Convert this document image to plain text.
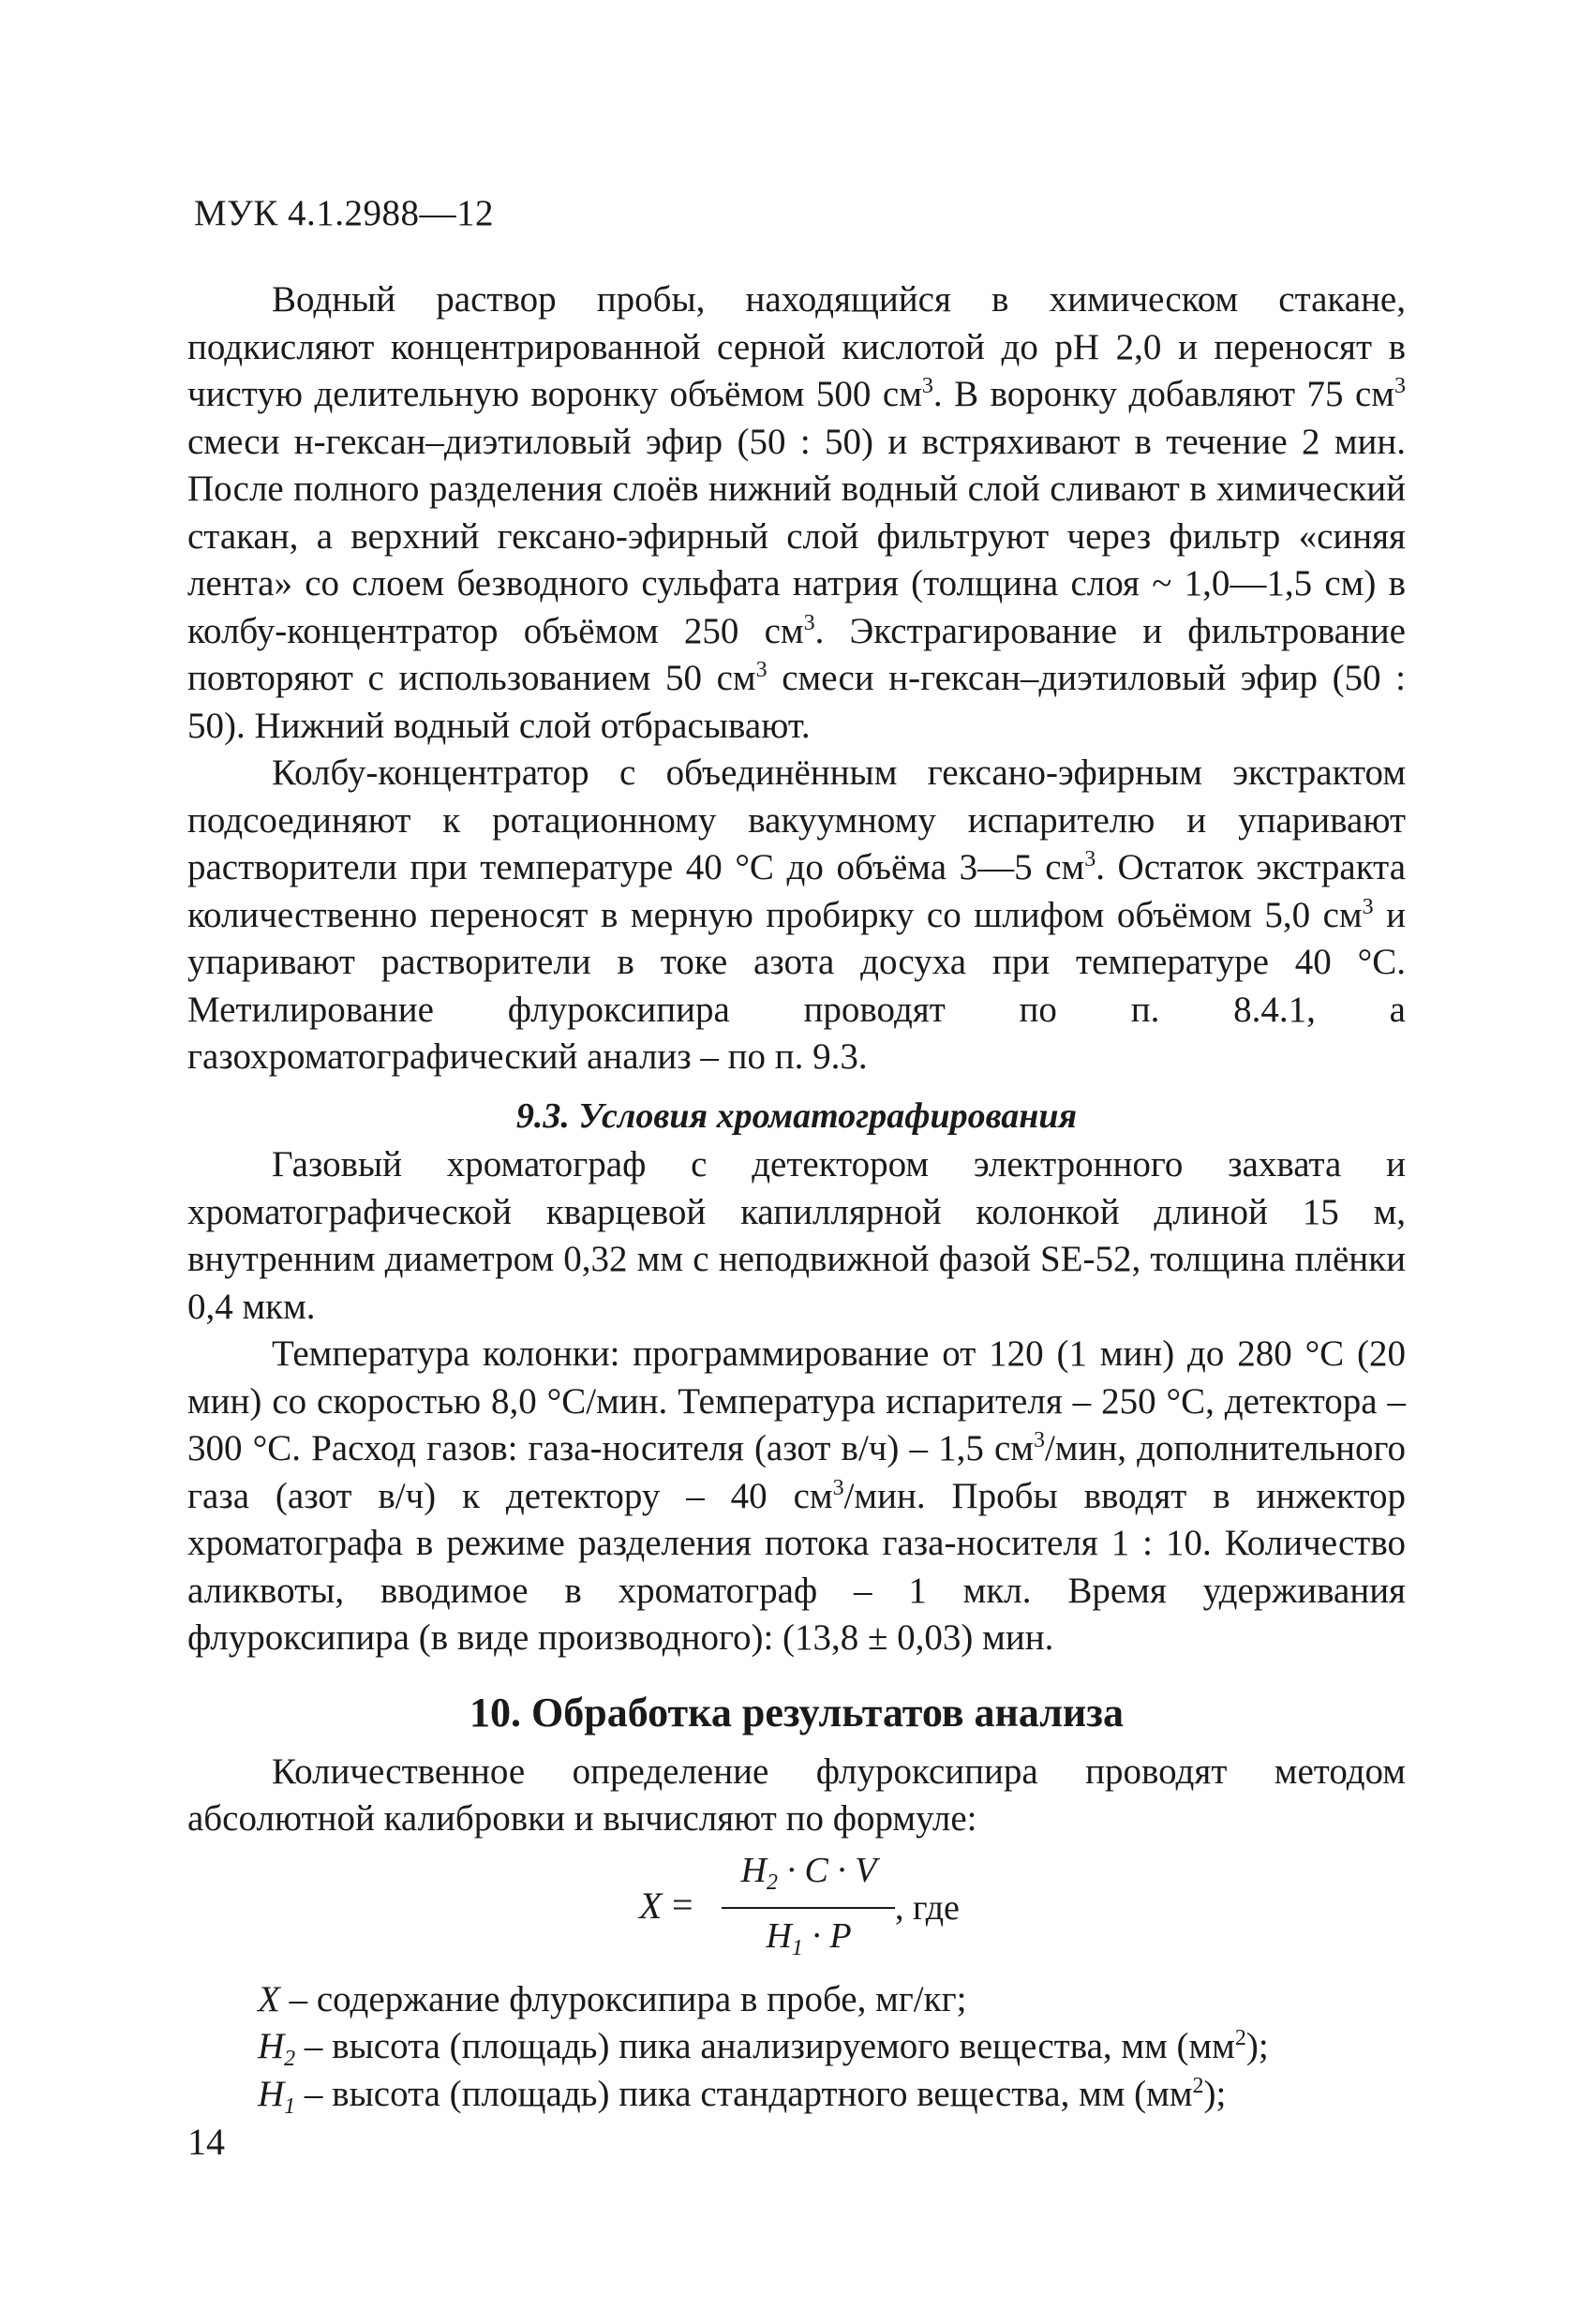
МУК 4.1.2988—12

Водный раствор пробы, находящийся в химическом стакане, подкисляют концентрированной серной кислотой до pH 2,0 и переносят в чистую делительную воронку объёмом 500 $см^3$. В воронку добавляют 75 $см^3$ смеси н-гексан–диэтиловый эфир (50 : 50) и встряхивают в течение 2 мин. После полного разделения слоёв нижний водный слой сливают в химический стакан, а верхний гексано-эфирный слой фильтруют через фильтр «синяя лента» со слоем безводного сульфата натрия (толщина слоя ~ 1,0—1,5 см) в колбу-концентратор объёмом 250 $см^3$. Экстрагирование и фильтрование повторяют с использованием 50 $см^3$ смеси н-гексан–диэтиловый эфир (50 : 50). Нижний водный слой отбрасывают.

Колбу-концентратор с объединённым гексано-эфирным экстрактом подсоединяют к ротационному вакуумному испарителю и упаривают растворители при температуре 40 °С до объёма 3—5 $см^3$. Остаток экстракта количественно переносят в мерную пробирку со шлифом объёмом 5,0 $см^3$ и упаривают растворители в токе азота досуха при температуре 40 °С. Метилирование флуроксипира проводят по п. 8.4.1, а газохроматографический анализ – по п. 9.3.

9.3. Условия хроматографирования

Газовый хроматограф с детектором электронного захвата и хроматографической кварцевой капиллярной колонкой длиной 15 м, внутренним диаметром 0,32 мм с неподвижной фазой SE-52, толщина плёнки 0,4 мкм.

Температура колонки: программирование от 120 (1 мин) до 280 °С (20 мин) со скоростью 8,0 °С/мин. Температура испарителя – 250 °С, детектора – 300 °С. Расход газов: газа-носителя (азот в/ч) – 1,5 $см^3$/мин, дополнительного газа (азот в/ч) к детектору – 40 $см^3$/мин. Пробы вводят в инжектор хроматографа в режиме разделения потока газа-носителя 1 : 10. Количество аликвоты, вводимое в хроматограф – 1 мкл. Время удерживания флуроксипира (в виде производного): (13,8 ± 0,03) мин.

10. Обработка результатов анализа

Количественное определение флуроксипира проводят методом абсолютной калибровки и вычисляют по формуле:

X =
$H_2 \cdot C \cdot V$
$H_1 \cdot P$
, где

X – содержание флуроксипира в пробе, мг/кг;

$H_2$ – высота (площадь) пика анализируемого вещества, мм $(мм^2)$;

$H_1$ – высота (площадь) пика стандартного вещества, мм $(мм^2)$;

14
